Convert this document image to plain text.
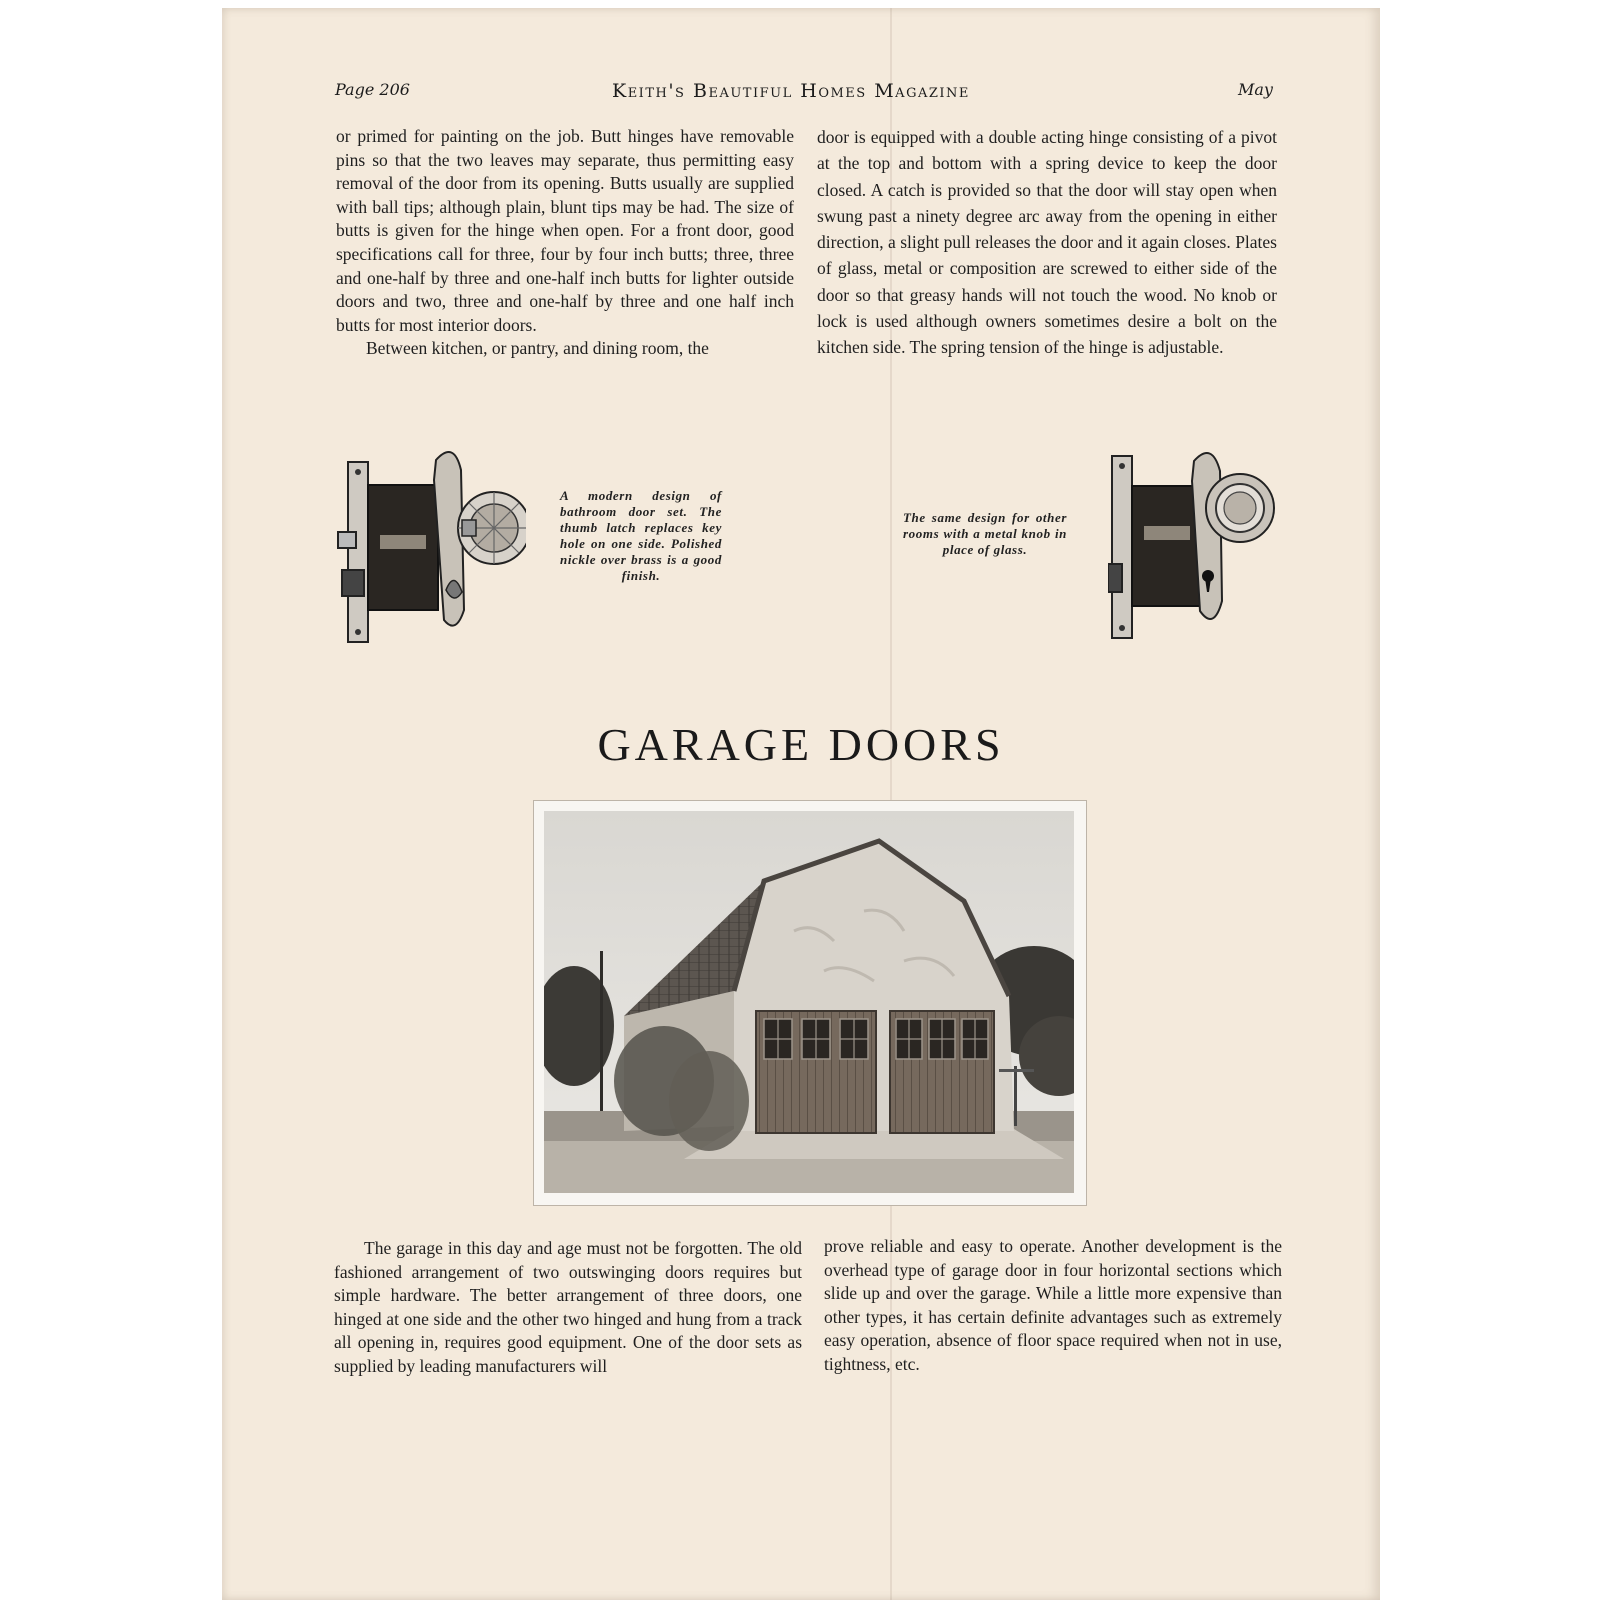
Page 206	Keith's Beautiful Homes Magazine	May

or primed for painting on the job. Butt hinges have removable pins so that the two leaves may separate, thus permitting easy removal of the door from its opening. Butts usually are supplied with ball tips; although plain, blunt tips may be had. The size of butts is given for the hinge when open. For a front door, good specifications call for three, four by four inch butts; three, three and one-half by three and one-half inch butts for lighter outside doors and two, three and one-half by three and one half inch butts for most interior doors.

Between kitchen, or pantry, and dining room, the

door is equipped with a double acting hinge consisting of a pivot at the top and bottom with a spring device to keep the door closed. A catch is provided so that the door will stay open when swung past a ninety degree arc away from the opening in either direction, a slight pull releases the door and it again closes. Plates of glass, metal or composition are screwed to either side of the door so that greasy hands will not touch the wood. No knob or lock is used although owners sometimes desire a bolt on the kitchen side. The spring tension of the hinge is adjustable.

A modern design of bathroom door set. The thumb latch replaces key hole on one side. Polished nickle over brass is a good finish.
The same design for other rooms with a metal knob in place of glass.
GARAGE DOORS

The garage in this day and age must not be forgotten. The old fashioned arrangement of two outswinging doors requires but simple hardware. The better arrangement of three doors, one hinged at one side and the other two hinged and hung from a track all opening in, requires good equipment. One of the door sets as supplied by leading manufacturers will

prove reliable and easy to operate. Another development is the overhead type of garage door in four horizontal sections which slide up and over the garage. While a little more expensive than other types, it has certain definite advantages such as extremely easy operation, absence of floor space required when not in use, tightness, etc.
